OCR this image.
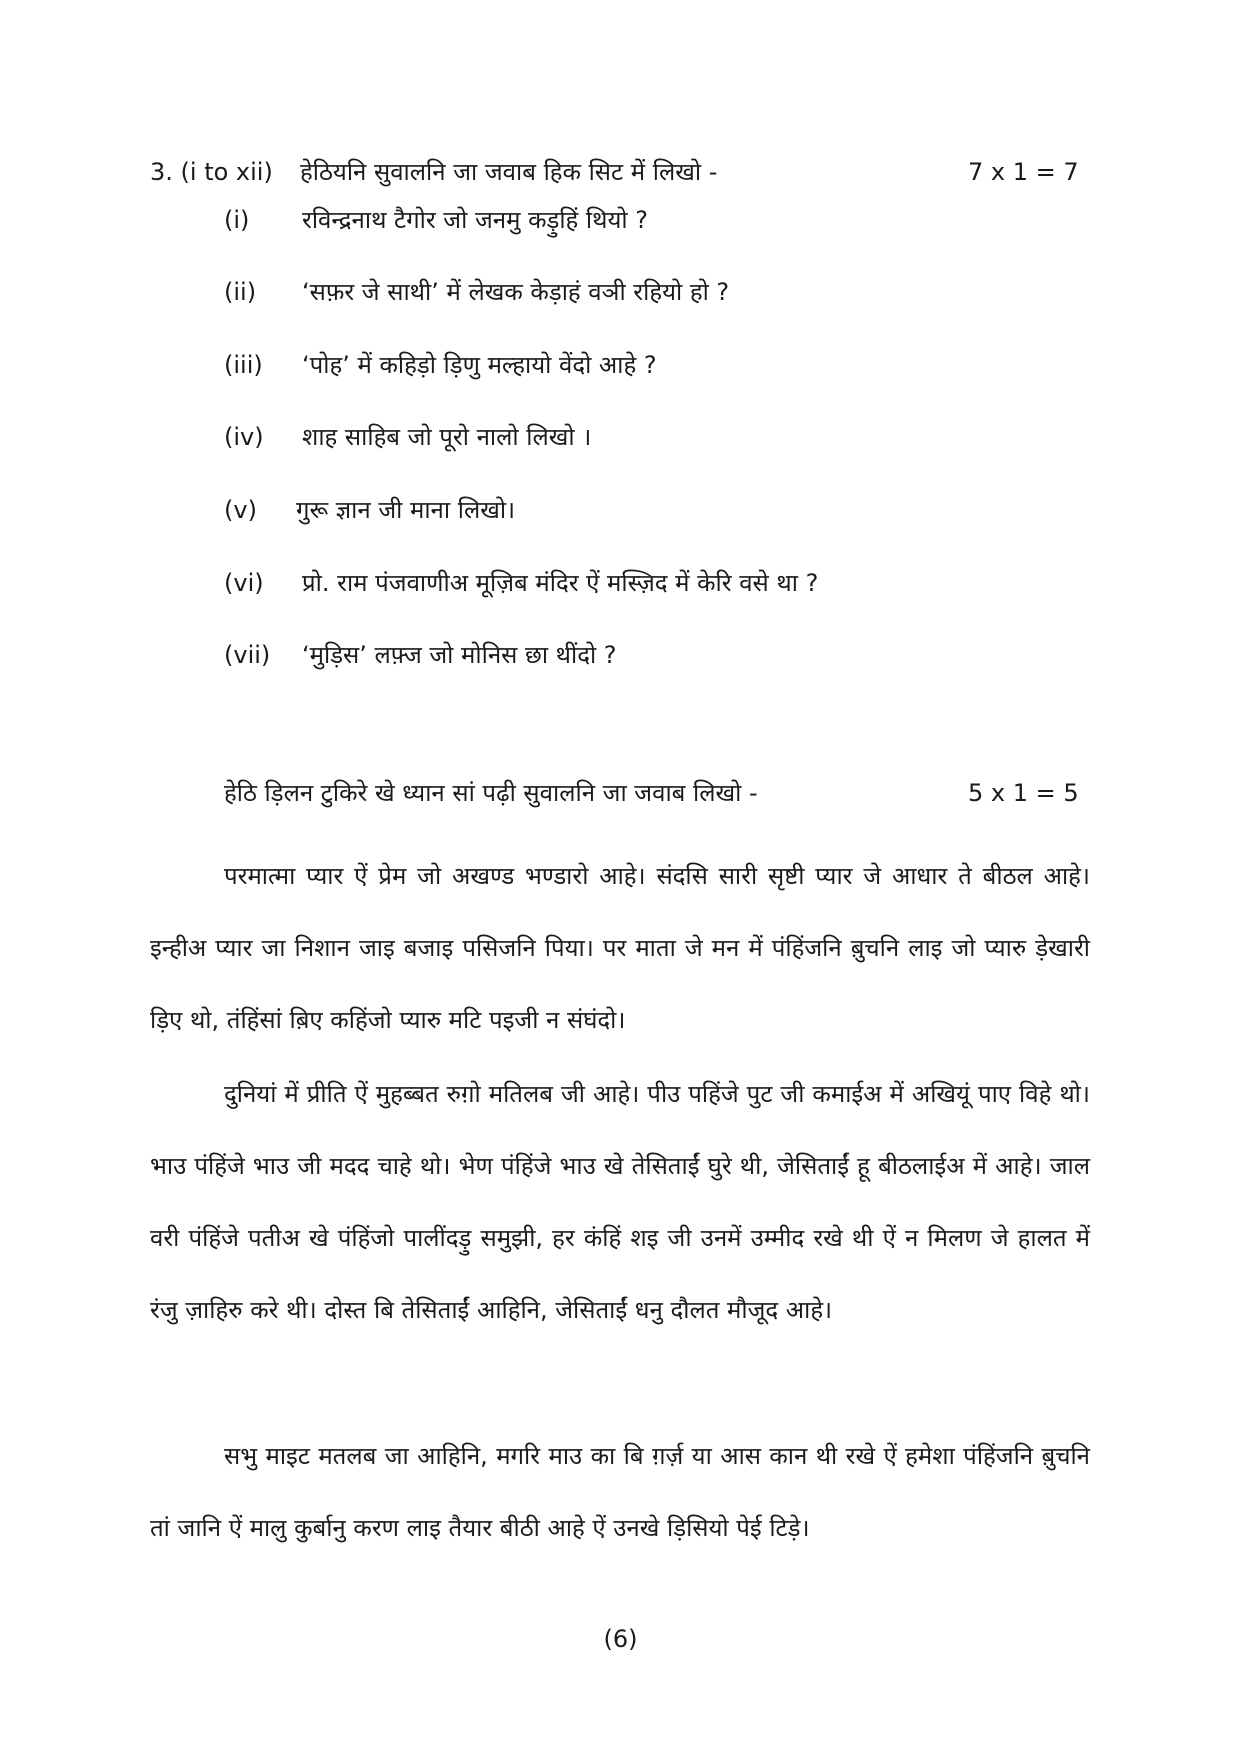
3. (i to xii) हेठियनि सुवालनि जा जवाब हिक सिट में लिखो -	7 x 1 = 7
(i) रविन्द्रनाथ टैगोर जो जनमु कड़ुहिं थियो ?
(ii) ‘सफ़र जे साथी’ में लेखक केड़ाहं वञी रहियो हो ?
(iii) ‘पोह’ में कहिड़ो ड़िणु मल्हायो वेंदो आहे ?
(iv) शाह साहिब जो पूरो नालो लिखो ।
(v) गुरू ज्ञान जी माना लिखो।
(vi) प्रो. राम पंजवाणीअ मूज़िब मंदिर ऐं मस्ज़िद में केरि वसे था ?
(vii) ‘मुड़िस’ लफ़्ज जो मोनिस छा थींदो ?
हेठि ड़िलन टुकिरे खे ध्यान सां पढ़ी सुवालनि जा जवाब लिखो -	5 x 1 = 5

परमात्मा प्यार ऐं प्रेम जो अखण्ड भण्डारो आहे। संदसि सारी सृष्टी प्यार जे आधार ते बीठल आहे। इन्हीअ प्यार जा निशान जाइ बजाइ पसिजनि पिया। पर माता जे मन में पंहिंजनि ब़ुचनि लाइ जो प्यारु ड़ेखारी ड़िए थो, तंहिंसां ब़िए कहिंजो प्यारु मटि पइजी न संघंदो।

दुनियां में प्रीति ऐं मुहब्बत रुग़ो मतिलब जी आहे। पीउ पहिंजे पुट जी कमाईअ में अखियूं पाए विहे थो। भाउ पंहिंजे भाउ जी मदद चाहे थो। भेण पंहिंजे भाउ खे तेसिताईं घुरे थी, जेसिताईं हू बीठलाईअ में आहे। जाल वरी पंहिंजे पतीअ खे पंहिंजो पालींदड़ु समुझी, हर कंहिं शइ जी उनमें उम्मीद रखे थी ऐं न मिलण जे हालत में रंजु ज़ाहिरु करे थी। दोस्त बि तेसिताईं आहिनि, जेसिताईं धनु दौलत मौजूद आहे।

सभु माइट मतलब जा आहिनि, मगरि माउ का बि ग़र्ज़ या आस कान थी रखे ऐं हमेशा पंहिंजनि ब़ुचनि तां जानि ऐं मालु कुर्बानु करण लाइ तैयार बीठी आहे ऐं उनखे ड़िसियो पेई टिड़े।

(6)
